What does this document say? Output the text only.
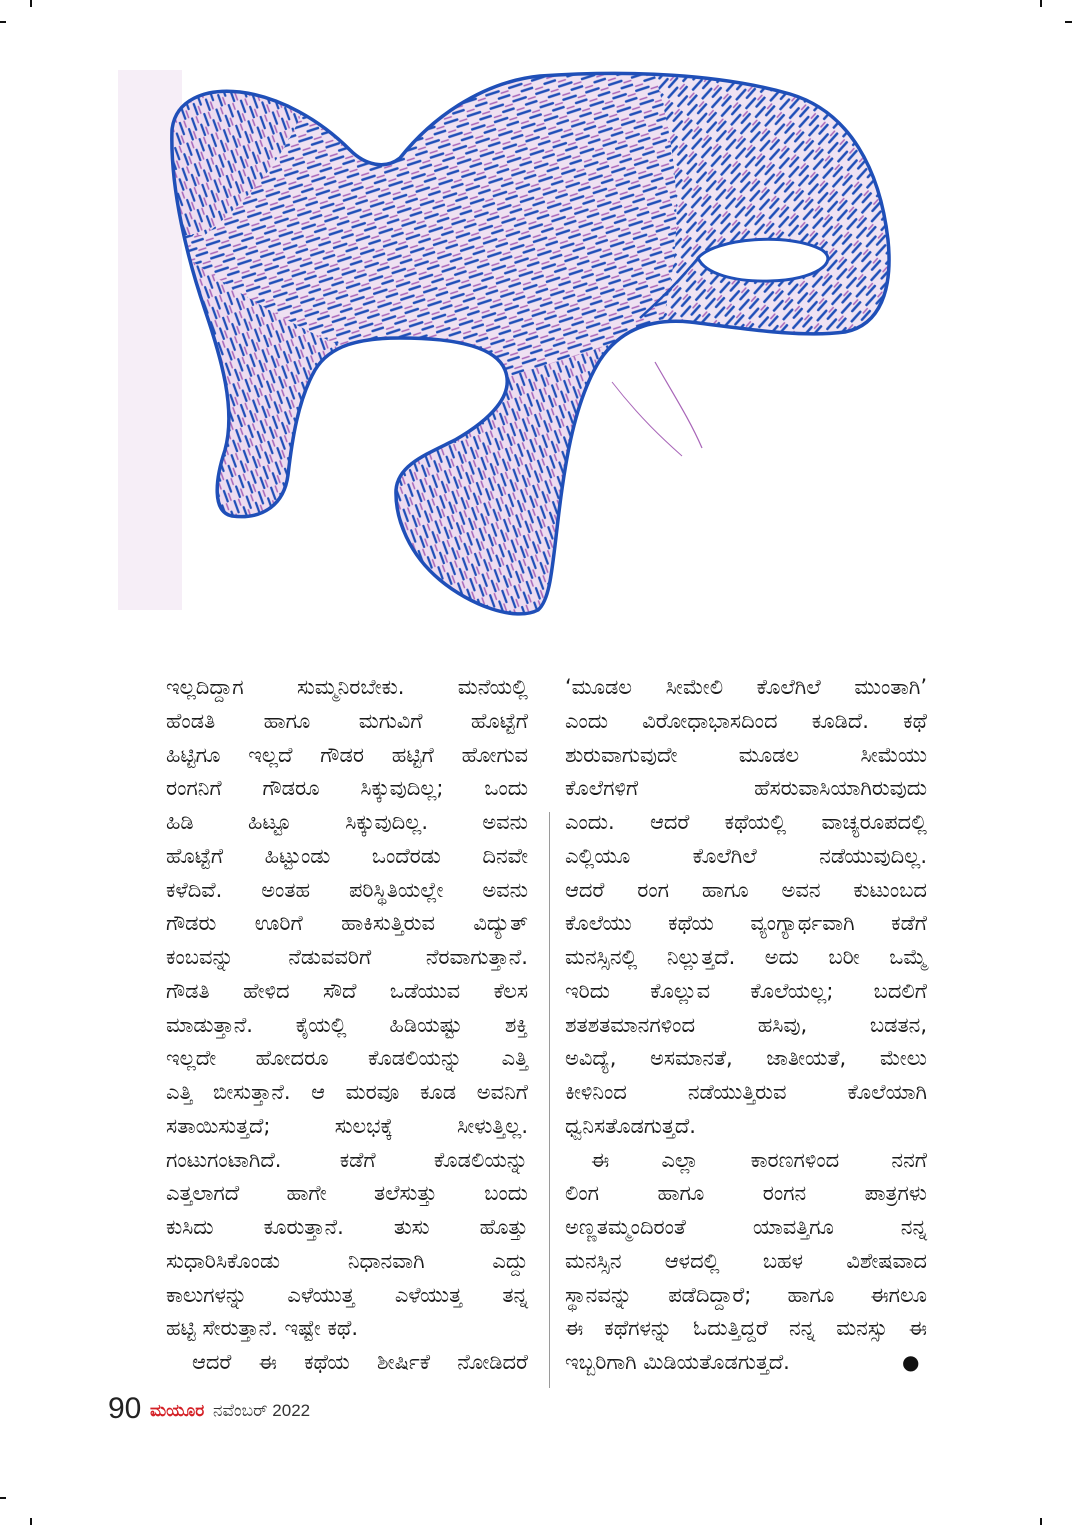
ಇಲ್ಲದಿದ್ದಾಗ ಸುಮ್ಮನಿರಬೇಕು. ಮನೆಯಲ್ಲಿ
ಹೆಂಡತಿ ಹಾಗೂ ಮಗುವಿಗೆ ಹೊಟ್ಟೆಗೆ
ಹಿಟ್ಟಿಗೂ ಇಲ್ಲದೆ ಗೌಡರ ಹಟ್ಟಿಗೆ ಹೋಗುವ
ರಂಗನಿಗೆ ಗೌಡರೂ ಸಿಕ್ಕುವುದಿಲ್ಲ; ಒಂದು
ಹಿಡಿ ಹಿಟ್ಟೂ ಸಿಕ್ಕುವುದಿಲ್ಲ. ಅವನು
ಹೊಟ್ಟೆಗೆ ಹಿಟ್ಟುಂಡು ಒಂದೆರಡು ದಿನವೇ
ಕಳೆದಿವೆ. ಅಂತಹ ಪರಿಸ್ಥಿತಿಯಲ್ಲೇ ಅವನು
ಗೌಡರು ಊರಿಗೆ ಹಾಕಿಸುತ್ತಿರುವ ವಿದ್ಯುತ್
ಕಂಬವನ್ನು ನೆಡುವವರಿಗೆ ನೆರವಾಗುತ್ತಾನೆ.
ಗೌಡತಿ ಹೇಳಿದ ಸೌದೆ ಒಡೆಯುವ ಕೆಲಸ
ಮಾಡುತ್ತಾನೆ. ಕೈಯಲ್ಲಿ ಹಿಡಿಯಷ್ಟು ಶಕ್ತಿ
ಇಲ್ಲದೇ ಹೋದರೂ ಕೊಡಲಿಯನ್ನು ಎತ್ತಿ
ಎತ್ತಿ ಬೀಸುತ್ತಾನೆ. ಆ ಮರವೂ ಕೂಡ ಅವನಿಗೆ
ಸತಾಯಿಸುತ್ತದೆ; ಸುಲಭಕ್ಕೆ ಸೀಳುತ್ತಿಲ್ಲ.
ಗಂಟುಗಂಟಾಗಿದೆ. ಕಡೆಗೆ ಕೊಡಲಿಯನ್ನು
ಎತ್ತಲಾಗದೆ ಹಾಗೇ ತಲೆಸುತ್ತು ಬಂದು
ಕುಸಿದು ಕೂರುತ್ತಾನೆ. ತುಸು ಹೊತ್ತು
ಸುಧಾರಿಸಿಕೊಂಡು ನಿಧಾನವಾಗಿ ಎದ್ದು
ಕಾಲುಗಳನ್ನು ಎಳೆಯುತ್ತ ಎಳೆಯುತ್ತ ತನ್ನ
ಹಟ್ಟಿ ಸೇರುತ್ತಾನೆ. ಇಷ್ಟೇ ಕಥೆ.
ಆದರೆ ಈ ಕಥೆಯ ಶೀರ್ಷಿಕೆ ನೋಡಿದರೆ
‘ಮೂಡಲ ಸೀಮೇಲಿ ಕೊಲೆಗಿಲೆ ಮುಂತಾಗಿ’
ಎಂದು ವಿರೋಧಾಭಾಸದಿಂದ ಕೂಡಿದೆ. ಕಥೆ
ಶುರುವಾಗುವುದೇ ಮೂಡಲ ಸೀಮೆಯು
ಕೊಲೆಗಳಿಗೆ ಹೆಸರುವಾಸಿಯಾಗಿರುವುದು
ಎಂದು. ಆದರೆ ಕಥೆಯಲ್ಲಿ ವಾಚ್ಯರೂಪದಲ್ಲಿ
ಎಲ್ಲಿಯೂ ಕೊಲೆಗಿಲೆ ನಡೆಯುವುದಿಲ್ಲ.
ಆದರೆ ರಂಗ ಹಾಗೂ ಅವನ ಕುಟುಂಬದ
ಕೊಲೆಯು ಕಥೆಯ ವ್ಯಂಗ್ಯಾರ್ಥವಾಗಿ ಕಡೆಗೆ
ಮನಸ್ಸಿನಲ್ಲಿ ನಿಲ್ಲುತ್ತದೆ. ಅದು ಬರೀ ಒಮ್ಮೆ
ಇರಿದು ಕೊಲ್ಲುವ ಕೊಲೆಯಲ್ಲ; ಬದಲಿಗೆ
ಶತಶತಮಾನಗಳಿಂದ ಹಸಿವು, ಬಡತನ,
ಅವಿದ್ಯೆ, ಅಸಮಾನತೆ, ಜಾತೀಯತೆ, ಮೇಲು
ಕೀಳಿನಿಂದ ನಡೆಯುತ್ತಿರುವ ಕೊಲೆಯಾಗಿ
ಧ್ವನಿಸತೊಡಗುತ್ತದೆ.
ಈ ಎಲ್ಲಾ ಕಾರಣಗಳಿಂದ ನನಗೆ
ಲಿಂಗ ಹಾಗೂ ರಂಗನ ಪಾತ್ರಗಳು
ಅಣ್ಣತಮ್ಮಂದಿರಂತೆ ಯಾವತ್ತಿಗೂ ನನ್ನ
ಮನಸ್ಸಿನ ಆಳದಲ್ಲಿ ಬಹಳ ವಿಶೇಷವಾದ
ಸ್ಥಾನವನ್ನು ಪಡೆದಿದ್ದಾರೆ; ಹಾಗೂ ಈಗಲೂ
ಈ ಕಥೆಗಳನ್ನು ಓದುತ್ತಿದ್ದರೆ ನನ್ನ ಮನಸ್ಸು ಈ
ಇಬ್ಬರಿಗಾಗಿ ಮಿಡಿಯತೊಡಗುತ್ತದೆ.	●
90 ಮಯೂರ ನವೆಂಬರ್ 2022
